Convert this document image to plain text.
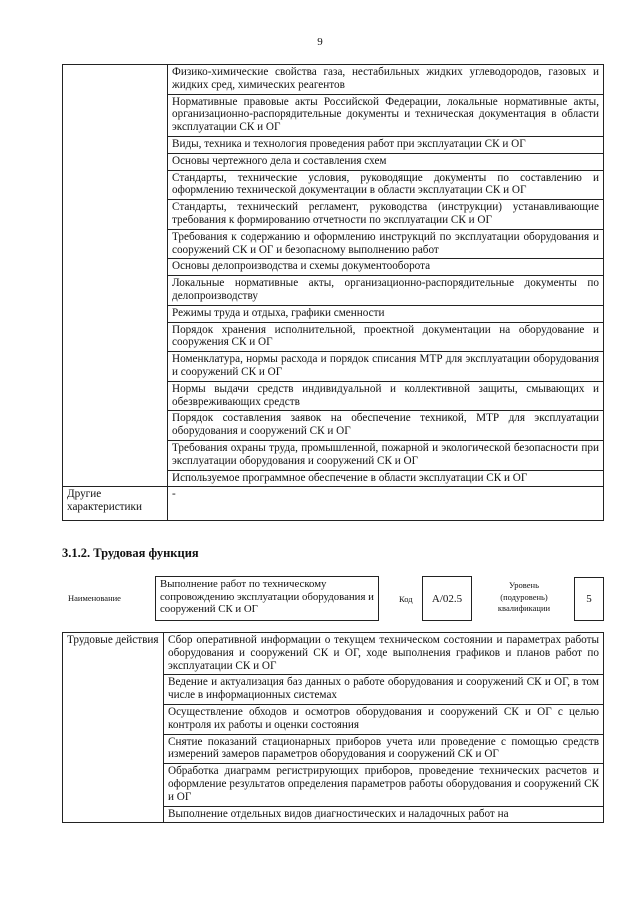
9
	Физико-химические свойства газа, нестабильных жидких углеводородов, газовых и жидких сред, химических реагентов
	Нормативные правовые акты Российской Федерации, локальные нормативные акты, организационно-распорядительные документы и техническая документация в области эксплуатации СК и ОГ
	Виды, техника и технология проведения работ при эксплуатации СК и ОГ
	Основы чертежного дела и составления схем
	Стандарты, технические условия, руководящие документы по составлению и оформлению технической документации в области эксплуатации СК и ОГ
	Стандарты, технический регламент, руководства (инструкции) устанавливающие требования к формированию отчетности по эксплуатации СК и ОГ
	Требования к содержанию и оформлению инструкций по эксплуатации оборудования и сооружений СК и ОГ и безопасному выполнению работ
	Основы делопроизводства и схемы документооборота
	Локальные нормативные акты, организационно-распорядительные документы по делопроизводству
	Режимы труда и отдыха, графики сменности
	Порядок хранения исполнительной, проектной документации на оборудование и сооружения СК и ОГ
	Номенклатура, нормы расхода и порядок списания МТР для эксплуатации оборудования и сооружений СК и ОГ
	Нормы выдачи средств индивидуальной и коллективной защиты, смывающих и обезвреживающих средств
	Порядок составления заявок на обеспечение техникой, МТР для эксплуатации оборудования и сооружений СК и ОГ
	Требования охраны труда, промышленной, пожарной и экологической безопасности при эксплуатации оборудования и сооружений СК и ОГ
	Используемое программное обеспечение в области эксплуатации СК и ОГ
Другие характеристики	-
3.1.2. Трудовая функция
Наименование
Выполнение работ по техническому сопровождению эксплуатации оборудования и сооружений СК и ОГ
Код	A/02.5
Уровень (подуровень) квалификации
5
Трудовые действия	Сбор оперативной информации о текущем техническом состоянии и параметрах работы оборудования и сооружений СК и ОГ, ходе выполнения графиков и планов работ по эксплуатации СК и ОГ
Ведение и актуализация баз данных о работе оборудования и сооружений СК и ОГ, в том числе в информационных системах
Осуществление обходов и осмотров оборудования и сооружений СК и ОГ с целью контроля их работы и оценки состояния
Снятие показаний стационарных приборов учета или проведение с помощью средств измерений замеров параметров оборудования и сооружений СК и ОГ
Обработка диаграмм регистрирующих приборов, проведение технических расчетов и оформление результатов определения параметров работы оборудования и сооружений СК и ОГ
Выполнение отдельных видов диагностических и наладочных работ на
